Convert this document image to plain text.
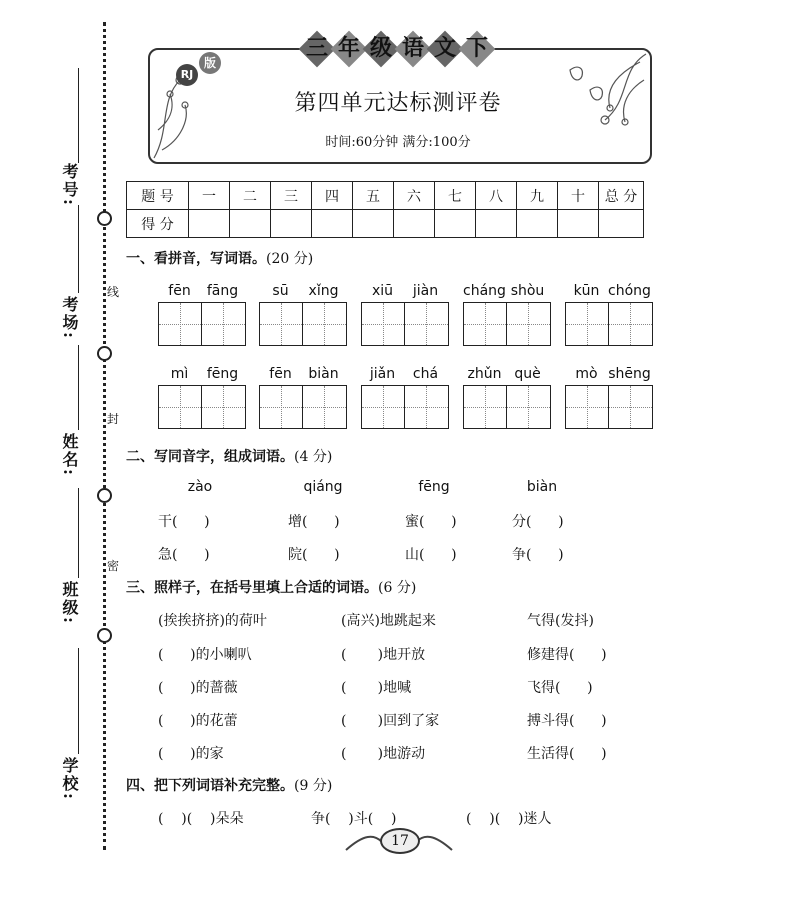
考号:
考场:
姓名:
班级:
学校:
线
封
密
三 年 级 语 文 下
RJ
版
第四单元达标测评卷
时间:60分钟 满分:100分
题 号	一	二	三	四	五	六	七	八	九	十	总 分
得 分											
一、看拼音，写词语。(20 分)
fēn	fāng	sū	xǐng	xiū	jiàn	cháng shòu	kūn chóng
mì	fēng	fēn	biàn	jiǎn	chá	zhǔn què	mò shēng
二、写同音字，组成词语。(4 分)
zào	qiáng	fēng	biàn
干(      )	增(      )	蜜(      )	分(      )
急(      )	院(      )	山(      )	争(      )
三、照样子，在括号里填上合适的词语。(6 分)
(挨挨挤挤)的荷叶	(高兴)地跳起来	气得(发抖)
(      )的小喇叭	(       )地开放	修建得(      )
(      )的蔷薇	(       )地喊	飞得(      )
(      )的花蕾	(       )回到了家	搏斗得(      )
(      )的家	(       )地游动	生活得(      )
四、把下列词语补充完整。(9 分)
(    )(    )朵朵	争(    )斗(    )	(    )(    )迷人
17
